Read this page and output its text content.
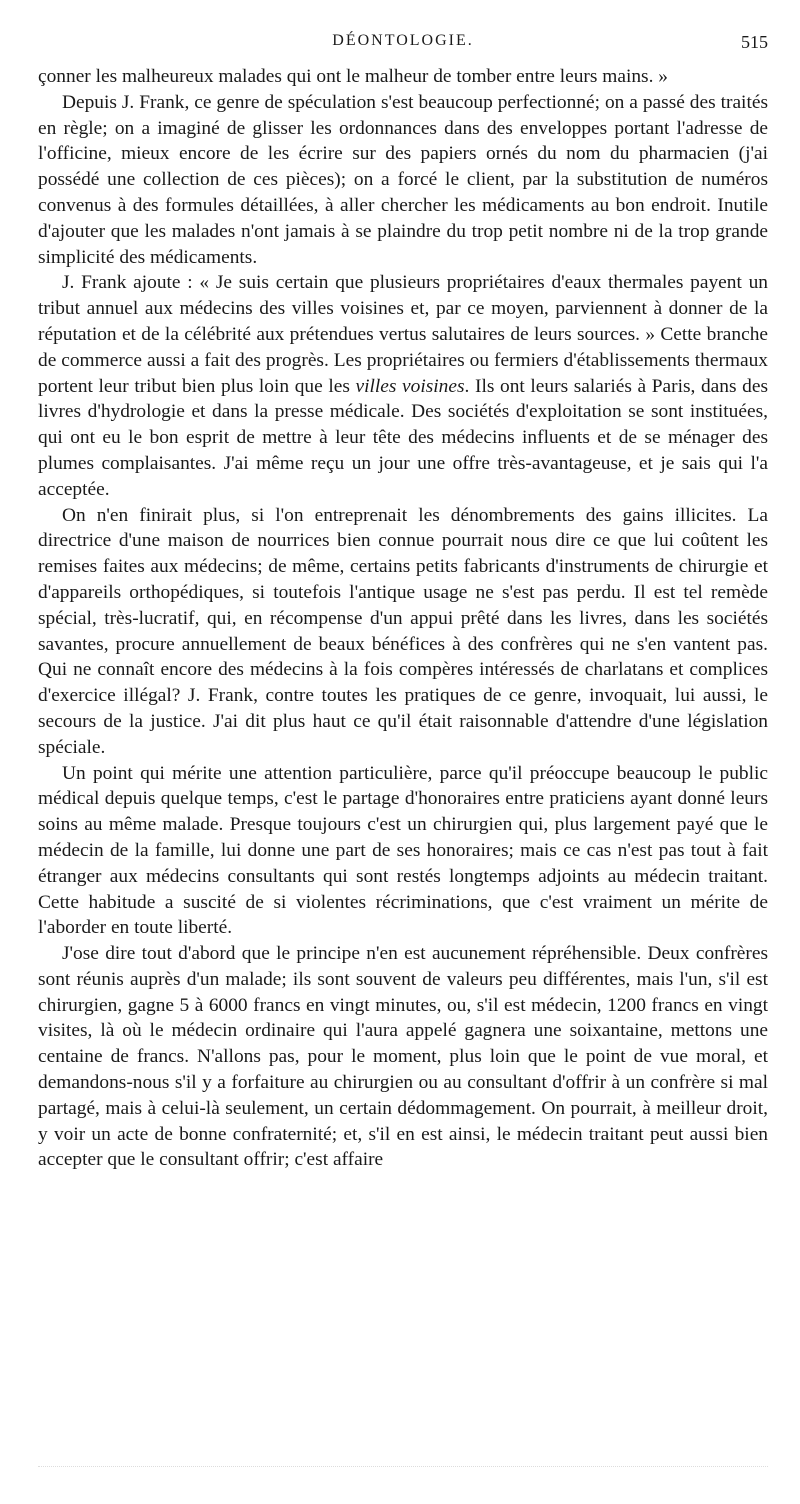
DÉONTOLOGIE.	515

çonner les malheureux malades qui ont le malheur de tomber entre leurs mains. »

Depuis J. Frank, ce genre de spéculation s'est beaucoup perfectionné; on a passé des traités en règle; on a imaginé de glisser les ordonnances dans des enveloppes portant l'adresse de l'officine, mieux encore de les écrire sur des papiers ornés du nom du pharmacien (j'ai possédé une collection de ces pièces); on a forcé le client, par la substitution de numéros convenus à des formules détaillées, à aller chercher les médicaments au bon endroit. Inutile d'ajouter que les malades n'ont jamais à se plaindre du trop petit nombre ni de la trop grande simplicité des médicaments.

J. Frank ajoute : « Je suis certain que plusieurs propriétaires d'eaux thermales payent un tribut annuel aux médecins des villes voisines et, par ce moyen, parviennent à donner de la réputation et de la célébrité aux prétendues vertus salutaires de leurs sources. » Cette branche de commerce aussi a fait des progrès. Les propriétaires ou fermiers d'établissements thermaux portent leur tribut bien plus loin que les villes voisines. Ils ont leurs salariés à Paris, dans des livres d'hydrologie et dans la presse médicale. Des sociétés d'exploitation se sont instituées, qui ont eu le bon esprit de mettre à leur tête des médecins influents et de se ménager des plumes complaisantes. J'ai même reçu un jour une offre très-avantageuse, et je sais qui l'a acceptée.

On n'en finirait plus, si l'on entreprenait les dénombrements des gains illicites. La directrice d'une maison de nourrices bien connue pourrait nous dire ce que lui coûtent les remises faites aux médecins; de même, certains petits fabricants d'instruments de chirurgie et d'appareils orthopédiques, si toutefois l'antique usage ne s'est pas perdu. Il est tel remède spécial, très-lucratif, qui, en récompense d'un appui prêté dans les livres, dans les sociétés savantes, procure annuellement de beaux bénéfices à des confrères qui ne s'en vantent pas. Qui ne connaît encore des médecins à la fois compères intéressés de charlatans et complices d'exercice illégal? J. Frank, contre toutes les pratiques de ce genre, invoquait, lui aussi, le secours de la justice. J'ai dit plus haut ce qu'il était raisonnable d'attendre d'une législation spéciale.

Un point qui mérite une attention particulière, parce qu'il préoccupe beaucoup le public médical depuis quelque temps, c'est le partage d'honoraires entre praticiens ayant donné leurs soins au même malade. Presque toujours c'est un chirurgien qui, plus largement payé que le médecin de la famille, lui donne une part de ses honoraires; mais ce cas n'est pas tout à fait étranger aux médecins consultants qui sont restés longtemps adjoints au médecin traitant. Cette habitude a suscité de si violentes récriminations, que c'est vraiment un mérite de l'aborder en toute liberté.

J'ose dire tout d'abord que le principe n'en est aucunement répréhensible. Deux confrères sont réunis auprès d'un malade; ils sont souvent de valeurs peu différentes, mais l'un, s'il est chirurgien, gagne 5 à 6000 francs en vingt minutes, ou, s'il est médecin, 1200 francs en vingt visites, là où le médecin ordinaire qui l'aura appelé gagnera une soixantaine, mettons une centaine de francs. N'allons pas, pour le moment, plus loin que le point de vue moral, et demandons-nous s'il y a forfaiture au chirurgien ou au consultant d'offrir à un confrère si mal partagé, mais à celui-là seulement, un certain dédommagement. On pourrait, à meilleur droit, y voir un acte de bonne confraternité; et, s'il en est ainsi, le médecin traitant peut aussi bien accepter que le consultant offrir; c'est affaire
